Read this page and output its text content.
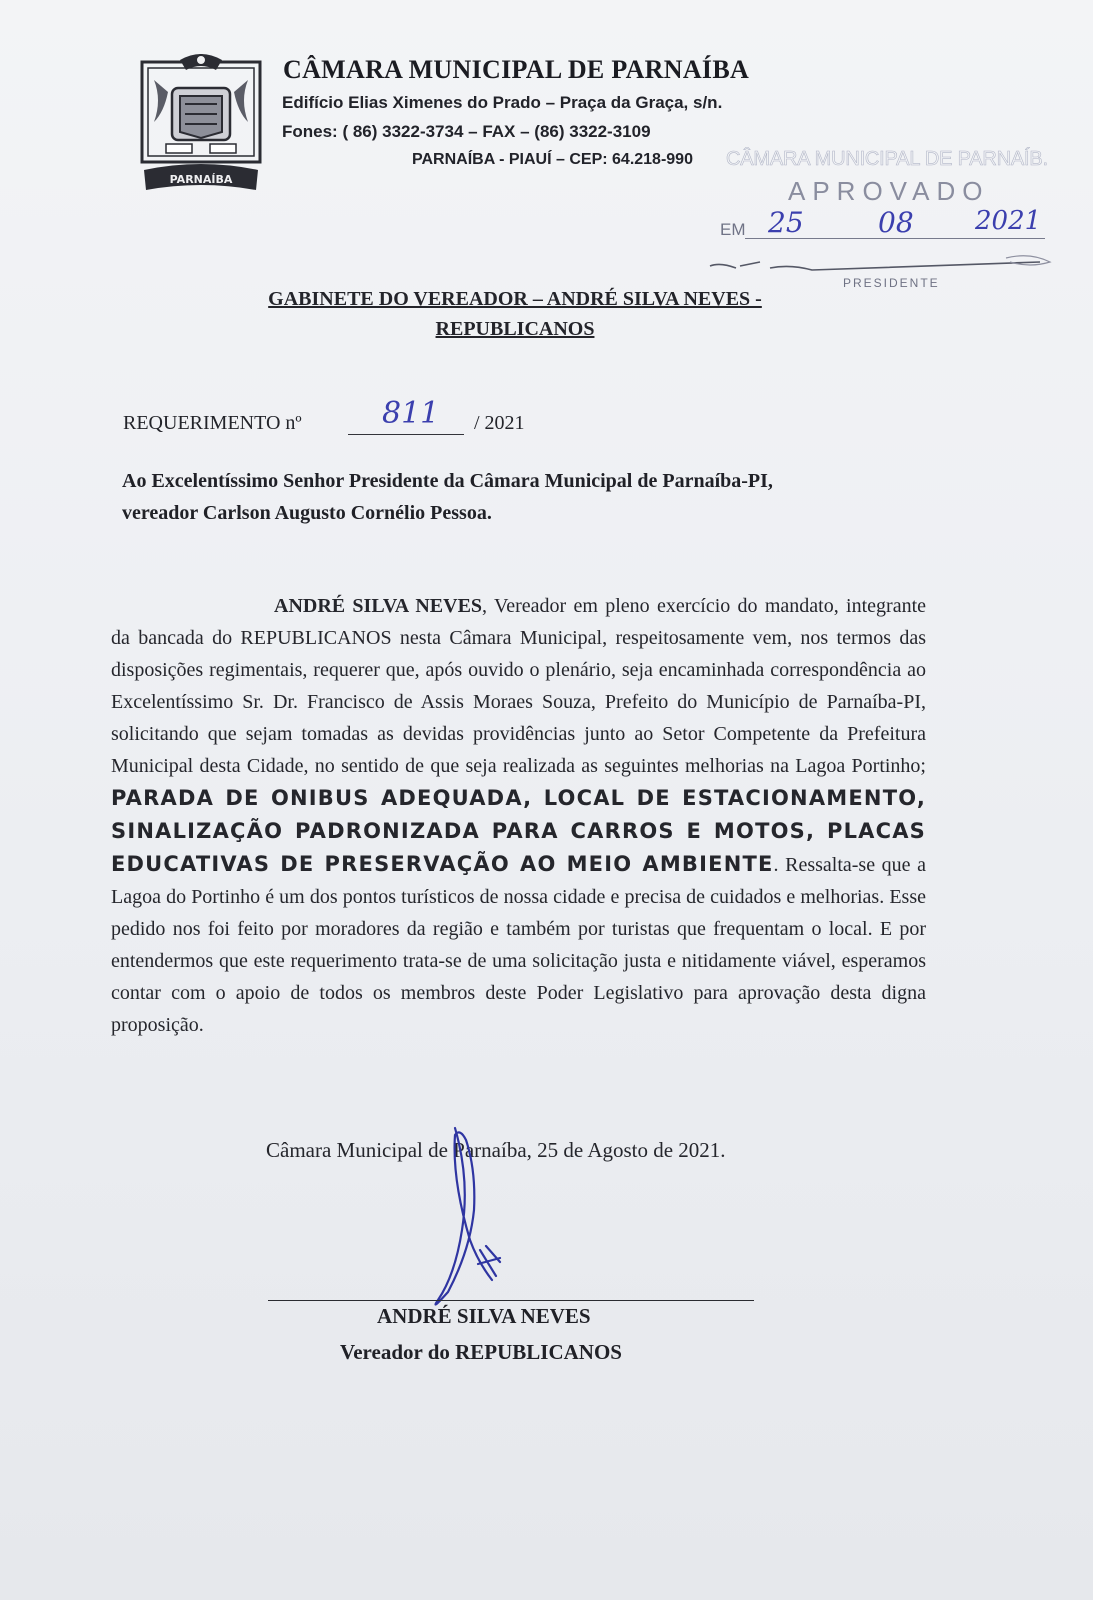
PARNAÍBA
CÂMARA MUNICIPAL DE PARNAÍBA
Edifício Elias Ximenes do Prado – Praça da Graça, s/n.
Fones: ( 86) 3322-3734 – FAX – (86) 3322-3109
PARNAÍBA - PIAUÍ – CEP: 64.218-990 CÂMARA MUNICIPAL DE PARNAÍB.
APROVADO
EM 25	08 2021
PRESIDENTE
GABINETE DO VEREADOR – ANDRÉ SILVA NEVES -
REPUBLICANOS
REQUERIMENTO nº	811 / 2021
Ao Excelentíssimo Senhor Presidente da Câmara Municipal de Parnaíba-PI,
vereador Carlson Augusto Cornélio Pessoa.
ANDRÉ SILVA NEVES, Vereador em pleno exercício do mandato, integrante da bancada do REPUBLICANOS nesta Câmara Municipal, respeitosamente vem, nos termos das disposições regimentais, requerer que, após ouvido o plenário, seja encaminhada correspondência ao Excelentíssimo Sr. Dr. Francisco de Assis Moraes Souza, Prefeito do Município de Parnaíba-PI, solicitando que sejam tomadas as devidas providências junto ao Setor Competente da Prefeitura Municipal desta Cidade, no sentido de que seja realizada as seguintes melhorias na Lagoa Portinho; PARADA DE ONIBUS ADEQUADA, LOCAL DE ESTACIONAMENTO, SINALIZAÇÃO PADRONIZADA PARA CARROS E MOTOS, PLACAS EDUCATIVAS DE PRESERVAÇÃO AO MEIO AMBIENTE. Ressalta-se que a Lagoa do Portinho é um dos pontos turísticos de nossa cidade e precisa de cuidados e melhorias. Esse pedido nos foi feito por moradores da região e também por turistas que frequentam o local. E por entendermos que este requerimento trata-se de uma solicitação justa e nitidamente viável, esperamos contar com o apoio de todos os membros deste Poder Legislativo para aprovação desta digna proposição.
Câmara Municipal de Parnaíba, 25 de Agosto de 2021.
ANDRÉ SILVA NEVES
Vereador do REPUBLICANOS
